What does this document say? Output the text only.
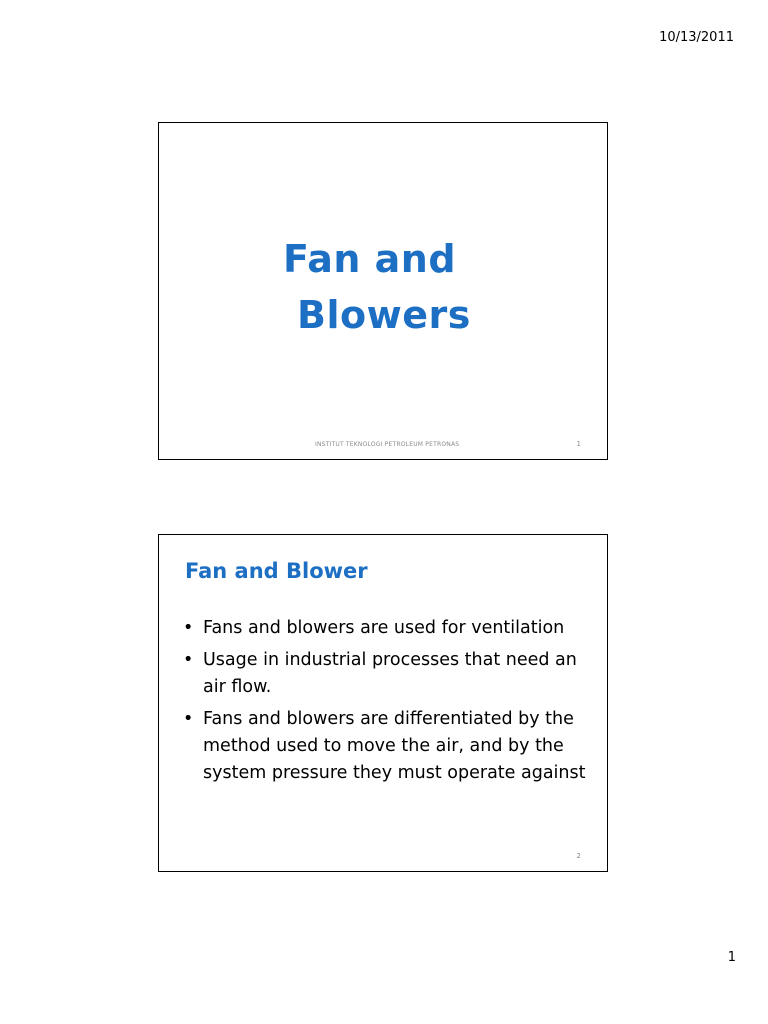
10/13/2011
Fan and
Blowers
INSTITUT TEKNOLOGI PETROLEUM PETRONAS	1
Fan and Blower
• Fans and blowers are used for ventilation
• Usage in industrial processes that need an air flow.
• Fans and blowers are differentiated by the method used to move the air, and by the system pressure they must operate against
2
1
